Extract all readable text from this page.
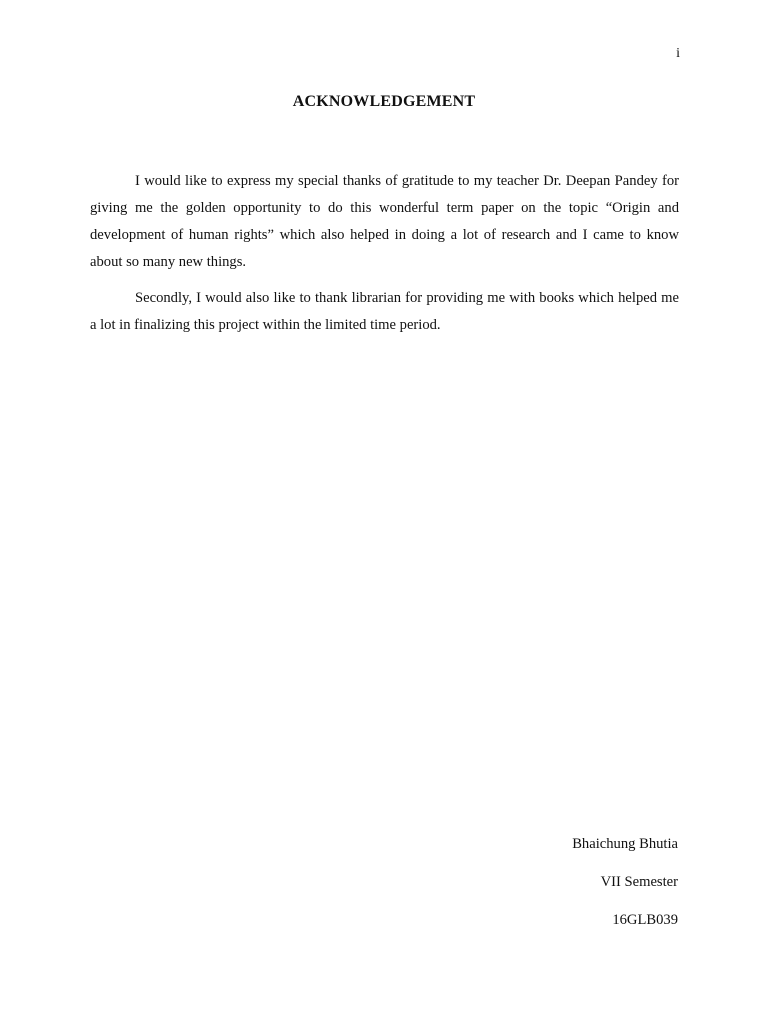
i
ACKNOWLEDGEMENT

I would like to express my special thanks of gratitude to my teacher Dr. Deepan Pandey for giving me the golden opportunity to do this wonderful term paper on the topic “Origin and development of human rights” which also helped in doing a lot of research and I came to know about so many new things.

Secondly, I would also like to thank librarian for providing me with books which helped me a lot in finalizing this project within the limited time period.

Bhaichung Bhutia
VII Semester
16GLB039
